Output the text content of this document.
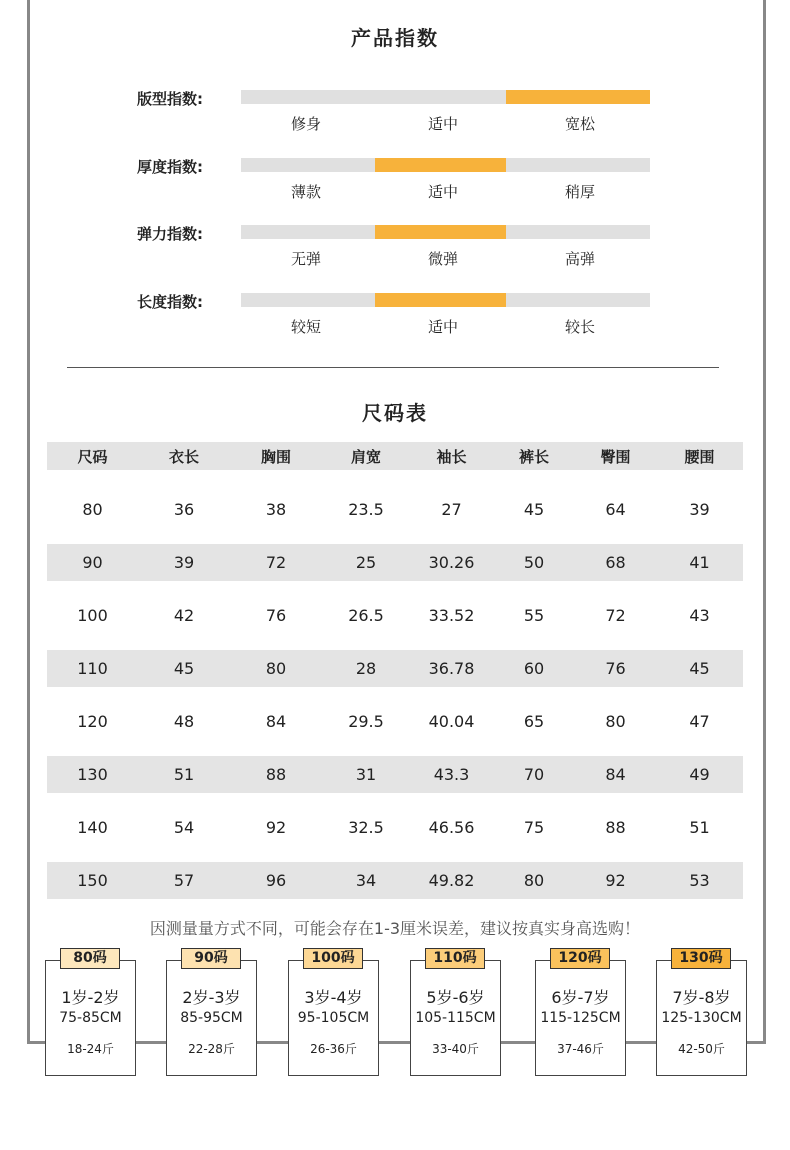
产品指数
版型指数:
修身	适中	宽松
厚度指数:
薄款	适中	稍厚
弹力指数:
无弹	微弹	高弹
长度指数:
较短	适中	较长
尺码表
尺码	衣长	胸围	肩宽	袖长	裤长	臀围	腰围
80	36	38	23.5	27	45	64	39
90	39	72	25	30.26	50	68	41
100	42	76	26.5	33.52	55	72	43
110	45	80	28	36.78	60	76	45
120	48	84	29.5	40.04	65	80	47
130	51	88	31	43.3	70	84	49
140	54	92	32.5	46.56	75	88	51
150	57	96	34	49.82	80	92	53
因测量量方式不同，可能会存在1-3厘米误差，建议按真实身高选购！
1岁-2岁
75-85CM
18-24斤
80码
2岁-3岁
85-95CM
22-28斤
90码
3岁-4岁
95-105CM
26-36斤
100码
5岁-6岁
105-115CM
33-40斤
110码
6岁-7岁
115-125CM
37-46斤
120码
7岁-8岁
125-130CM
42-50斤
130码
